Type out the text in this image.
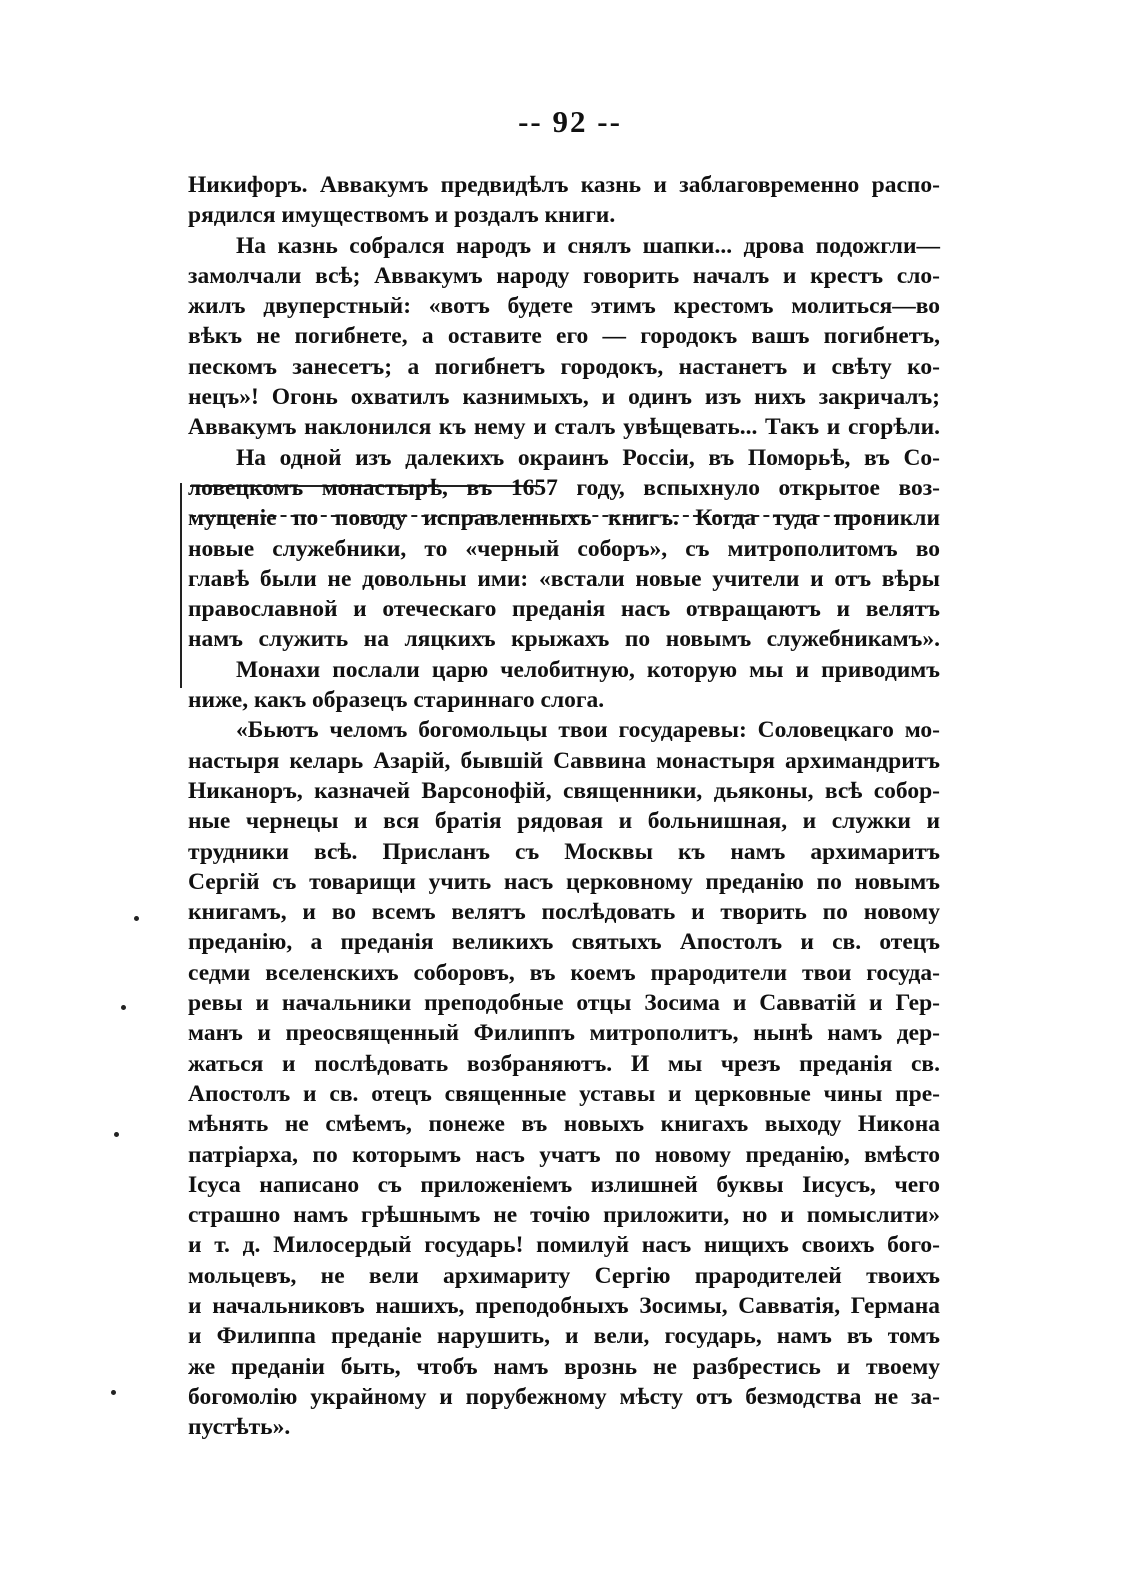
-- 92 --
Никифоръ. Аввакумъ предвидѣлъ казнь и заблаговременно распо-
рядился имуществомъ и роздалъ книги.
На казнь собрался народъ и снялъ шапки... дрова подожгли—
замолчали всѣ; Аввакумъ народу говорить началъ и крестъ сло-
жилъ двуперстный: «вотъ будете этимъ крестомъ молиться—во
вѣкъ не погибнете, а оставите его — городокъ вашъ погибнетъ,
пескомъ занесетъ; а погибнетъ городокъ, настанетъ и свѣту ко-
нецъ»! Огонь охватилъ казнимыхъ, и одинъ изъ нихъ закричалъ;
Аввакумъ наклонился къ нему и сталъ увѣщевать... Такъ и сгорѣли.
На одной изъ далекихъ окраинъ Россіи, въ Поморьѣ, въ Со-
ловецкомъ монастырѣ, въ 1657 году, вспыхнуло открытое воз-
мущеніе по поводу исправленныхъ книгъ. Когда туда проникли
новые служебники, то «черный соборъ», съ митрополитомъ во
главѣ были не довольны ими: «встали новые учители и отъ вѣры
православной и отеческаго преданія насъ отвращаютъ и велятъ
намъ служить на ляцкихъ крыжахъ по новымъ служебникамъ».
Монахи послали царю челобитную, которую мы и приводимъ
ниже, какъ образецъ стариннаго слога.
«Бьютъ челомъ богомольцы твои государевы: Соловецкаго мо-
настыря келарь Азарій, бывшій Саввина монастыря архимандритъ
Никаноръ, казначей Варсонофій, священники, дьяконы, всѣ собор-
ные чернецы и вся братія рядовая и больнишная, и служки и
трудники всѣ. Присланъ съ Москвы къ намъ архимаритъ
Сергій съ товарищи учить насъ церковному преданію по новымъ
книгамъ, и во всемъ велятъ послѣдовать и творить по новому
преданію, а преданія великихъ святыхъ Апостолъ и св. отецъ
седми вселенскихъ соборовъ, въ коемъ прародители твои госуда-
ревы и начальники преподобные отцы Зосима и Савватій и Гер-
манъ и преосвященный Филиппъ митрополитъ, нынѣ намъ дер-
жаться и послѣдовать возбраняютъ. И мы чрезъ преданія св.
Апостолъ и св. отецъ священные уставы и церковные чины пре-
мѣнять не смѣемъ, понеже въ новыхъ книгахъ выходу Никона
патріарха, по которымъ насъ учатъ по новому преданію, вмѣсто
Iсуса написано съ приложеніемъ излишней буквы Iисусъ, чего
страшно намъ грѣшнымъ не точію приложити, но и помыслити»
и т. д. Милосердый государь! помилуй насъ нищихъ своихъ бого-
мольцевъ, не вели архимариту Сергію прародителей твоихъ
и начальниковъ нашихъ, преподобныхъ Зосимы, Савватія, Германа
и Филиппа преданіе нарушить, и вели, государь, намъ въ томъ
же преданіи быть, чтобъ намъ врознь не разбрестись и твоему
богомолію украйному и порубежному мѣсту отъ безмодства не за-
пустѣть».
